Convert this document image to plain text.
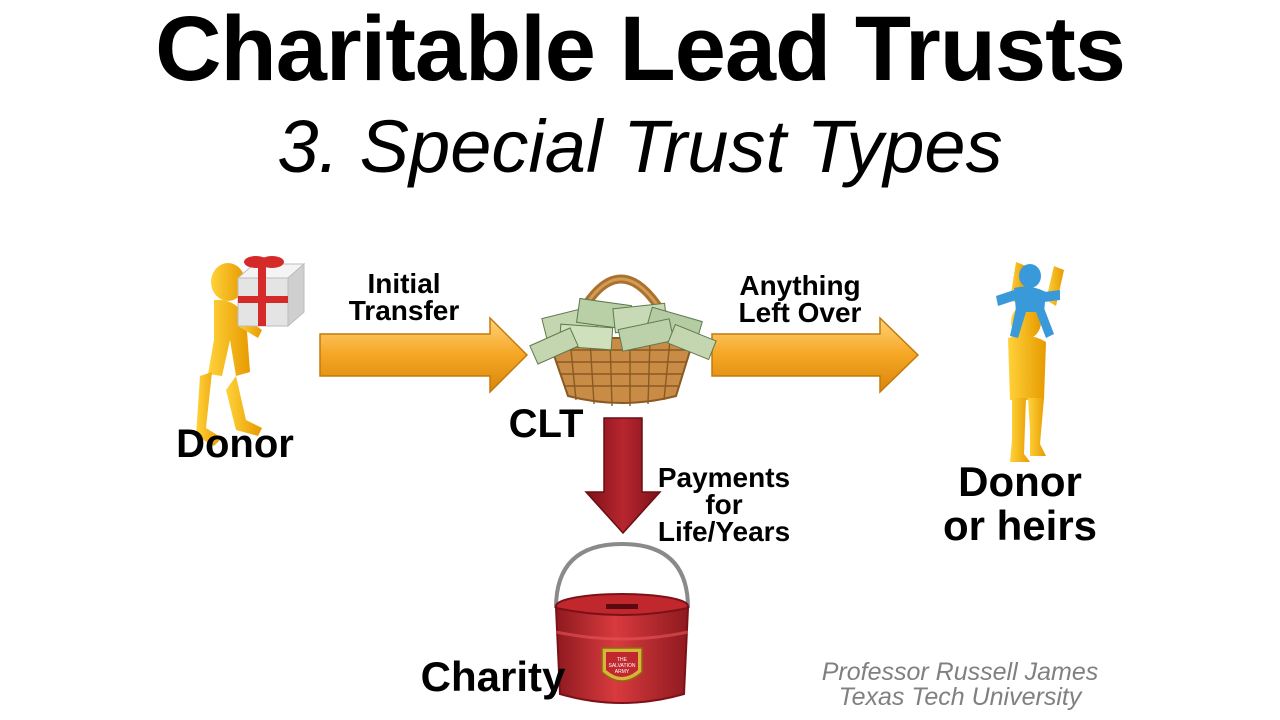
Charitable Lead Trusts
3. Special Trust Types
THE
SALVATION
ARMY
Donor	CLT
Donor
or heirs
Charity
Initial
Transfer
Anything
Left Over
Payments
for
Life/Years
Professor Russell James
Texas Tech University
